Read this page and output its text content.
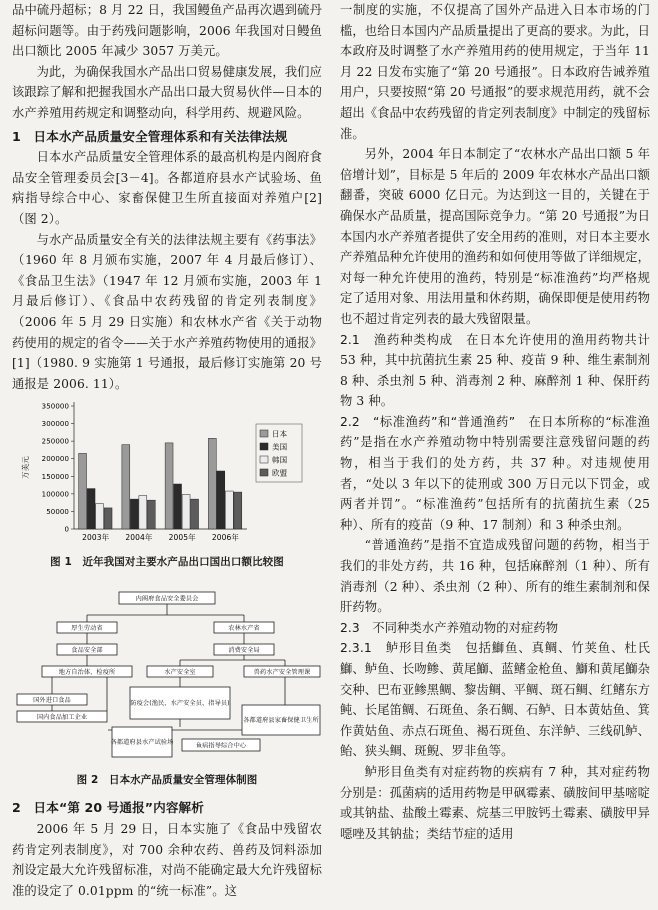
品中硫丹超标；8 月 22 日，我国鳗鱼产品再次遇到硫丹超标问题等。由于药残问题影响，2006 年我国对日鳗鱼出口额比 2005 年减少 3057 万美元。

为此，为确保我国水产品出口贸易健康发展，我们应该跟踪了解和把握我国水产品出口最大贸易伙伴—日本的水产养殖用药规定和调整动向，科学用药、规避风险。

1　日本水产品质量安全管理体系和有关法律法规

日本水产品质量安全管理体系的最高机构是内阁府食品安全管理委员会[3－4]。各都道府县水产试验场、鱼病指导综合中心、家畜保健卫生所直接面对养殖户[2]（图 2）。

与水产品质量安全有关的法律法规主要有《药事法》（1960 年 8 月颁布实施，2007 年 4 月最后修订）、《食品卫生法》（1947 年 12 月颁布实施，2003 年 1 月最后修订）、《食品中农药残留的肯定列表制度》（2006 年 5 月 29 日实施）和农林水产省《关于动物药使用的规定的省令——关于水产养殖药物使用的通报》[1]（1980. 9 实施第 1 号通报，最后修订实施第 20 号通报是 2006. 11）。

0
50000
100000
150000
200000
250000
300000
350000
万美元
2003年 2004年 2005年 2006年
日本
美国
韩国
欧盟

图 1　近年我国对主要水产品出口国出口额比较图

内阁府食品安全委员会
厚生劳动省	农林水产省
食品安全部	消费安全局
地方自治体、检疫所	水产安全室	兽药水产安全管理课
国外进口食品
国内食品加工企业
防疫会(渔民、水产安全员、指导员)
各都道府县水产试验场
各都道府县家畜保健卫生所
鱼病指导综合中心

图 2　日本水产品质量安全管理体制图

2　日本“第 20 号通报”内容解析

2006 年 5 月 29 日，日本实施了《食品中残留农药肯定列表制度》，对 700 余种农药、兽药及饲料添加剂设定最大允许残留标准，对尚不能确定最大允许残留标准的设定了 0.01ppm 的“统一标准”。这

一制度的实施，不仅提高了国外产品进入日本市场的门槛，也给日本国内产品质量提出了更高的要求。为此，日本政府及时调整了水产养殖用药的使用规定，于当年 11 月 22 日发布实施了“第 20 号通报”。日本政府告诫养殖用户，只要按照“第 20 号通报”的要求规范用药，就不会超出《食品中农药残留的肯定列表制度》中制定的残留标准。

另外，2004 年日本制定了“农林水产品出口额 5 年倍增计划”，目标是 5 年后的 2009 年农林水产品出口额翻番，突破 6000 亿日元。为达到这一目的，关键在于确保水产品质量，提高国际竞争力。“第 20 号通报”为日本国内水产养殖者提供了安全用药的准则，对日本主要水产养殖品种允许使用的渔药和如何使用等做了详细规定，对每一种允许使用的渔药，特别是“标准渔药”均严格规定了适用对象、用法用量和休药期，确保即便是使用药物也不超过肯定列表的最大残留限量。

2.1　渔药种类构成　 在日本允许使用的渔用药物共计 53 种，其中抗菌抗生素 25 种、疫苗 9 种、维生素制剂 8 种、杀虫剂 5 种、消毒剂 2 种、麻醉剂 1 种、保肝药物 3 种。

2.2　“标准渔药”和“普通渔药”　 在日本所称的“标准渔药”是指在水产养殖动物中特别需要注意残留问题的药物，相当于我们的处方药，共 37 种。对违规使用者，“处以 3 年以下的徒刑或 300 万日元以下罚金，或两者并罚”。“标准渔药”包括所有的抗菌抗生素（25 种）、所有的疫苗（9 种、17 制剂）和 3 种杀虫剂。

“普通渔药”是指不宜造成残留问题的药物，相当于我们的非处方药，共 16 种，包括麻醉剂（1 种）、所有消毒剂（2 种）、杀虫剂（2 种）、所有的维生素制剂和保肝药物。

2.3　不同种类水产养殖动物的对症药物

2.3.1　鲈形目鱼类　 包括鰤鱼、真鲷、竹荚鱼、杜氏鰤、鲈鱼、长吻鲹、黄尾鰤、蓝鳍金枪鱼、鰤和黄尾鰤杂交种、巴布亚鲹黑鲷、黎齿鲷、平鲷、斑石鲷、红鳍东方鲀、长尾笛鲷、石斑鱼、条石鲷、石鲈、日本黄姑鱼、箕作黄姑鱼、赤点石斑鱼、褐石斑鱼、东洋鲈、三线矶鲈、鲐、狭头鲷、斑鲵、罗非鱼等。

鲈形目鱼类有对症药物的疾病有 7 种，其对症药物分别是：孤菌病的适用药物是甲砜霉素、磺胺间甲基嘧啶或其钠盐、盐酸土霉素、烷基三甲胺钙土霉素、磺胺甲异噁唑及其钠盐；类结节症的适用
